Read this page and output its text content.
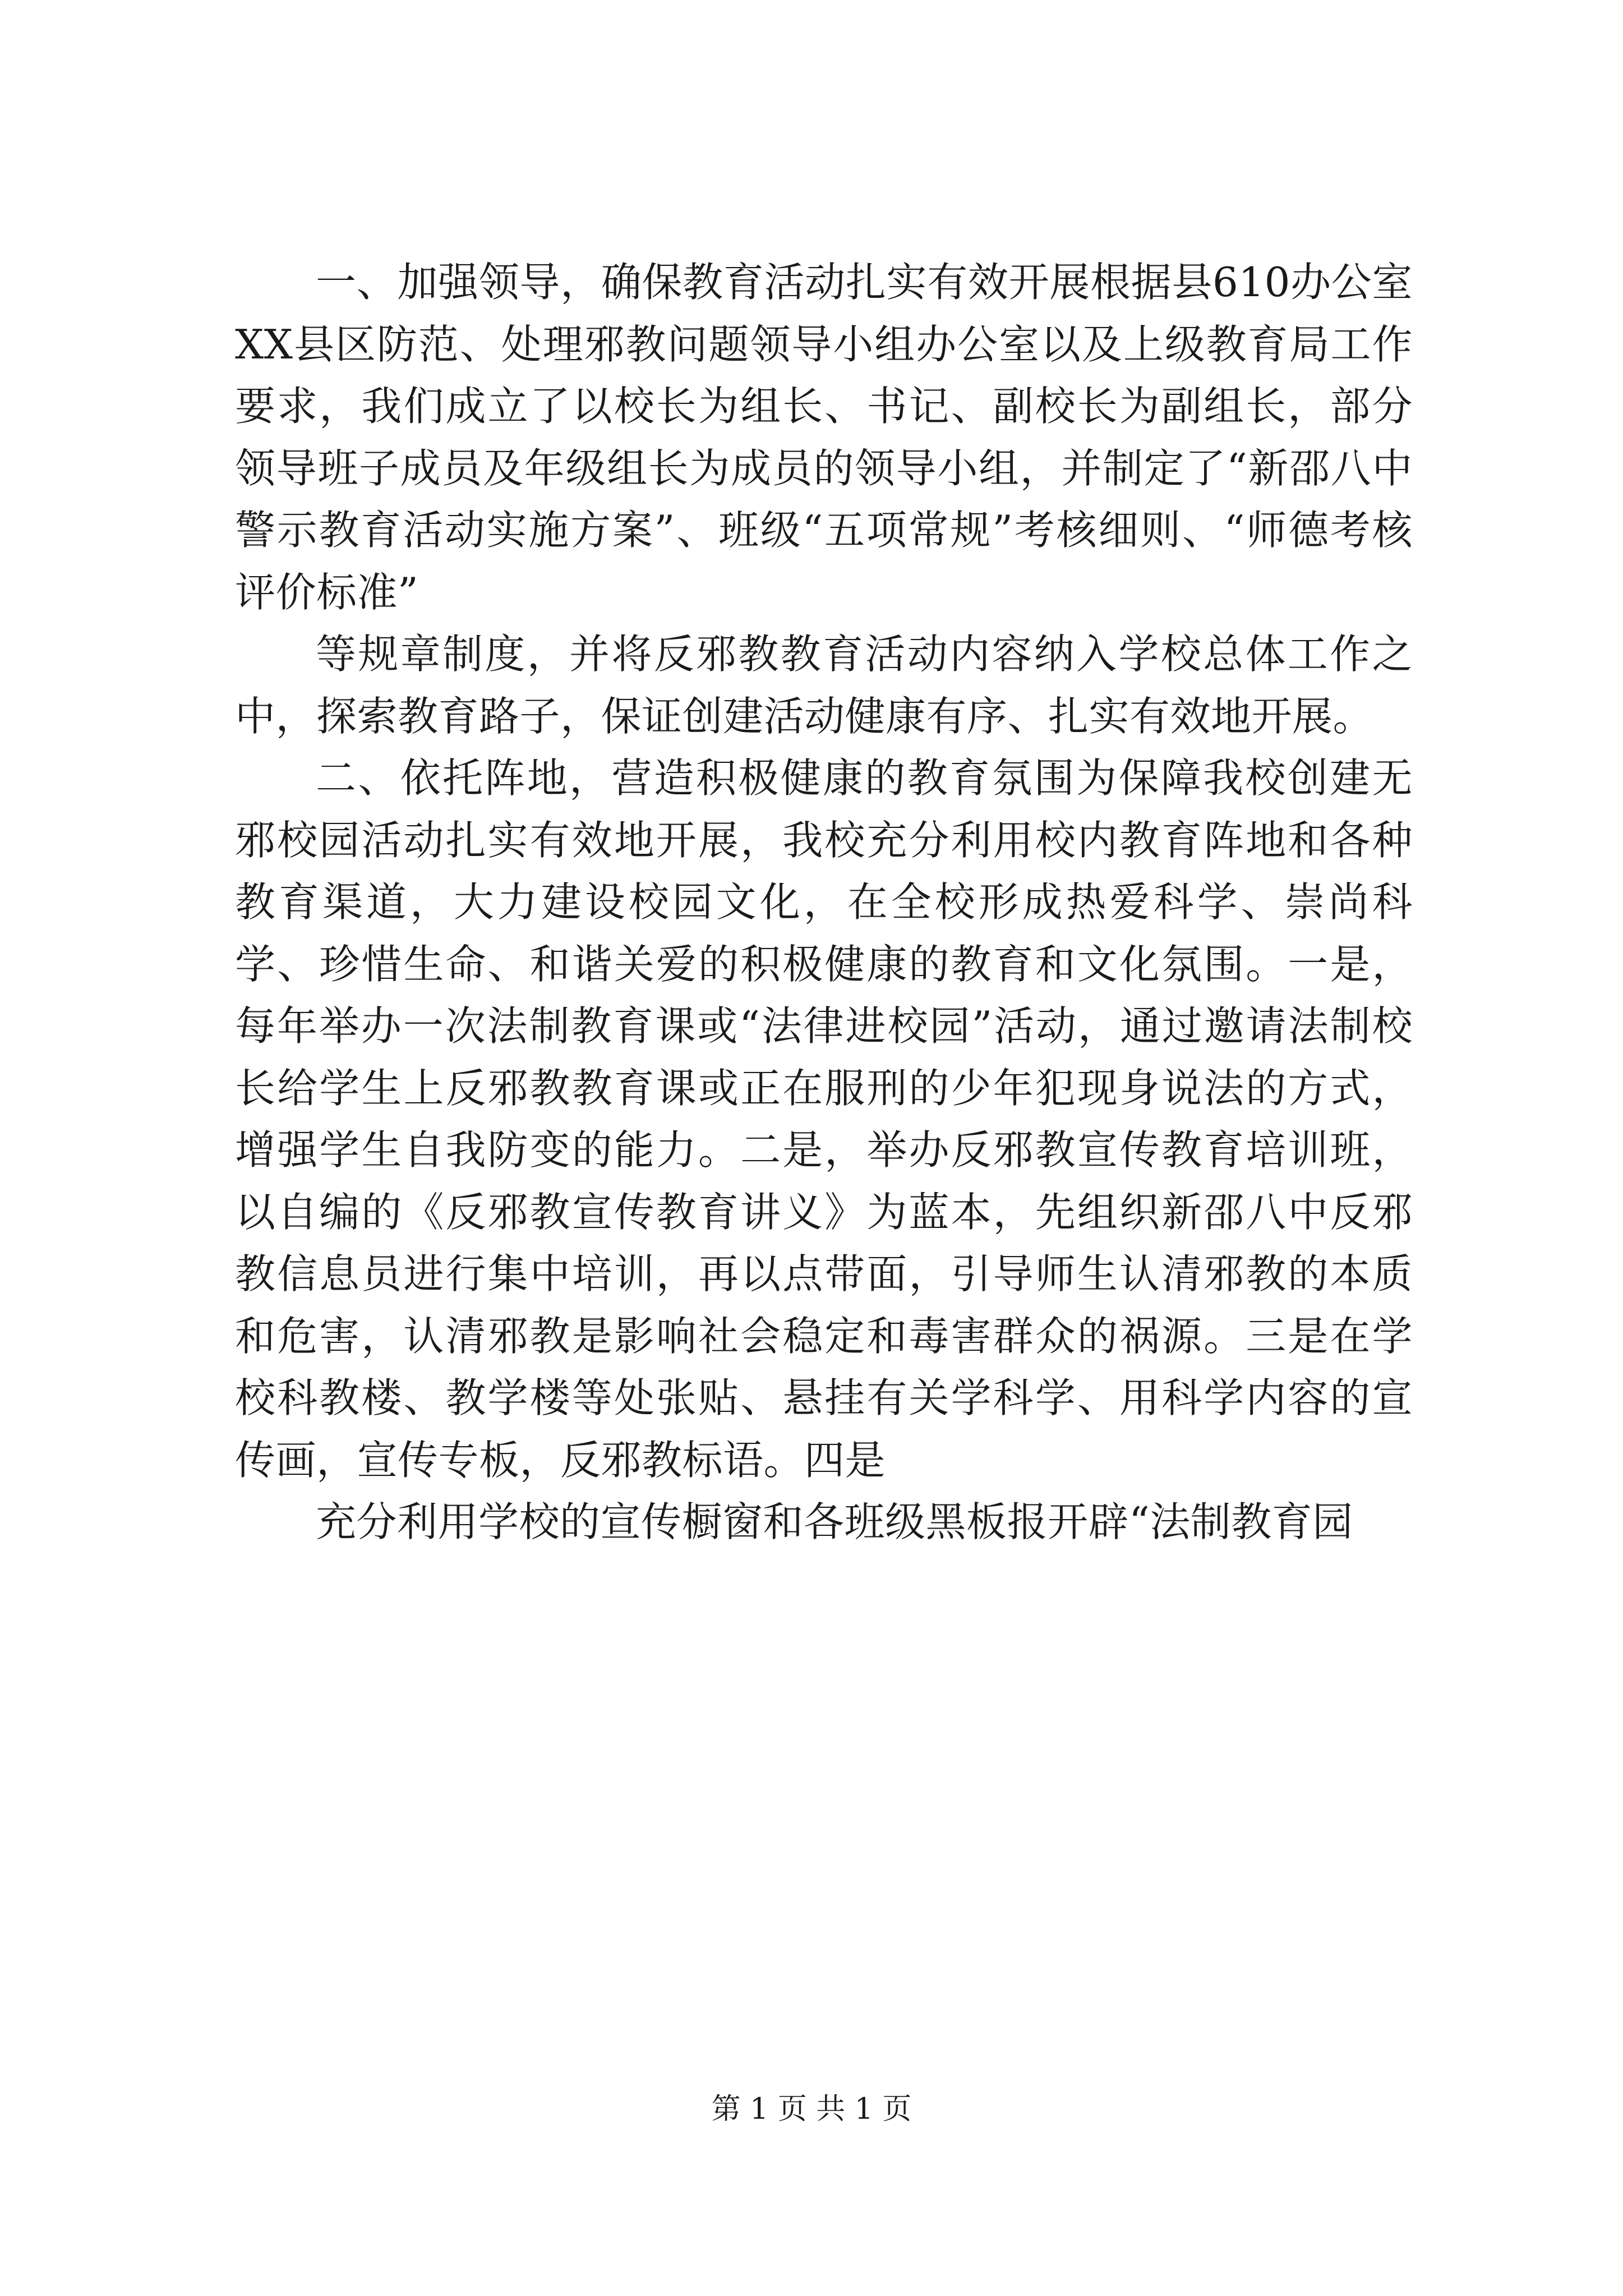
一、加强领导，确保教育活动扎实有效开展根据县610办公室XX县区防范、处理邪教问题领导小组办公室以及上级教育局工作要求，我们成立了以校长为组长、书记、副校长为副组长，部分领导班子成员及年级组长为成员的领导小组，并制定了“新邵八中警示教育活动实施方案”、班级“五项常规”考核细则、“师德考核评价标准”

等规章制度，并将反邪教教育活动内容纳入学校总体工作之中，探索教育路子，保证创建活动健康有序、扎实有效地开展。

二、依托阵地，营造积极健康的教育氛围为保障我校创建无邪校园活动扎实有效地开展，我校充分利用校内教育阵地和各种教育渠道，大力建设校园文化，在全校形成热爱科学、崇尚科学、珍惜生命、和谐关爱的积极健康的教育和文化氛围。一是，每年举办一次法制教育课或“法律进校园”活动，通过邀请法制校长给学生上反邪教教育课或正在服刑的少年犯现身说法的方式，增强学生自我防变的能力。二是，举办反邪教宣传教育培训班，以自编的《反邪教宣传教育讲义》为蓝本，先组织新邵八中反邪教信息员进行集中培训，再以点带面，引导师生认清邪教的本质和危害，认清邪教是影响社会稳定和毒害群众的祸源。三是在学校科教楼、教学楼等处张贴、悬挂有关学科学、用科学内容的宣传画，宣传专板，反邪教标语。四是

充分利用学校的宣传橱窗和各班级黑板报开辟“法制教育园

第 1 页 共 1 页
